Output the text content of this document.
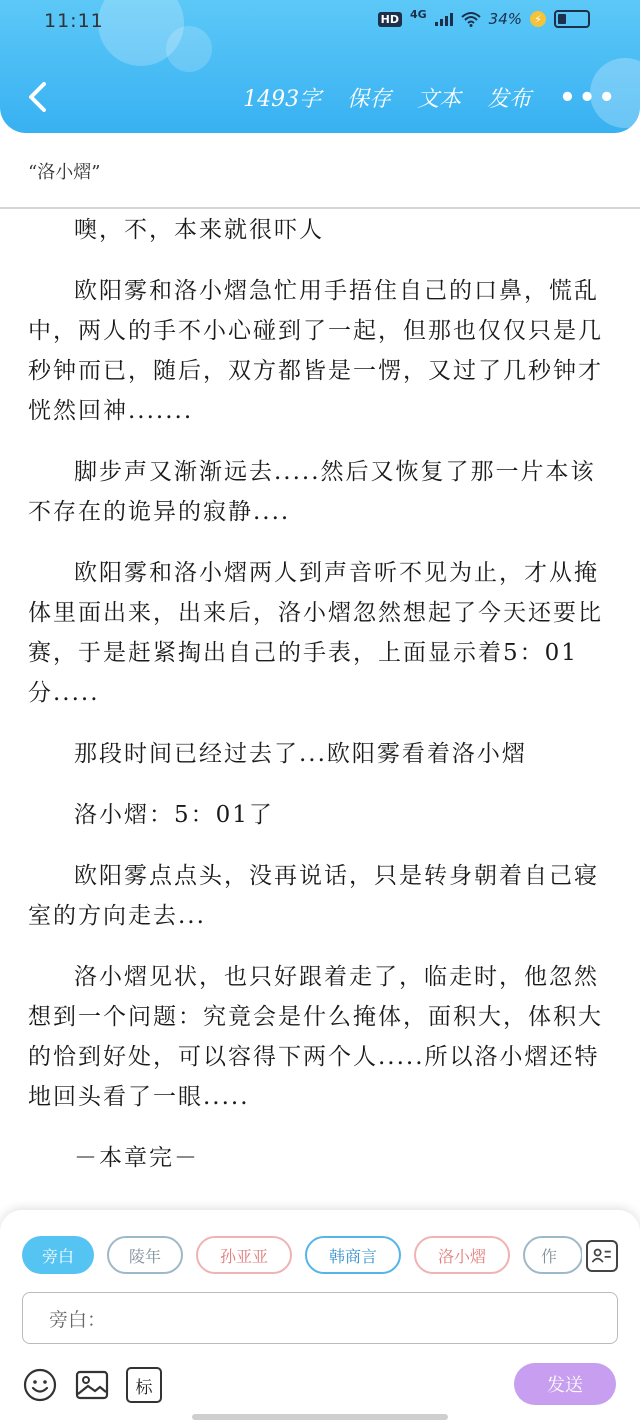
11:11	HD 4G	34%	⚡
1493字 保存 文本 发布 •••
“洛小熠”

噢，不，本来就很吓人

欧阳雾和洛小熠急忙用手捂住自己的口鼻，慌乱中，两人的手不小心碰到了一起，但那也仅仅只是几秒钟而已，随后，双方都皆是一愣，又过了几秒钟才恍然回神.......

脚步声又渐渐远去.....然后又恢复了那一片本该不存在的诡异的寂静....

欧阳雾和洛小熠两人到声音听不见为止，才从掩体里面出来，出来后，洛小熠忽然想起了今天还要比赛，于是赶紧掏出自己的手表，上面显示着5：01分.....

那段时间已经过去了...欧阳雾看着洛小熠

洛小熠：5：01了

欧阳雾点点头，没再说话，只是转身朝着自己寝室的方向走去...

洛小熠见状，也只好跟着走了，临走时，他忽然想到一个问题：究竟会是什么掩体，面积大，体积大的恰到好处，可以容得下两个人.....所以洛小熠还特地回头看了一眼.....

－本章完－

旁白	陵年	孙亚亚	韩商言	洛小熠	作
旁白：
标	发送
